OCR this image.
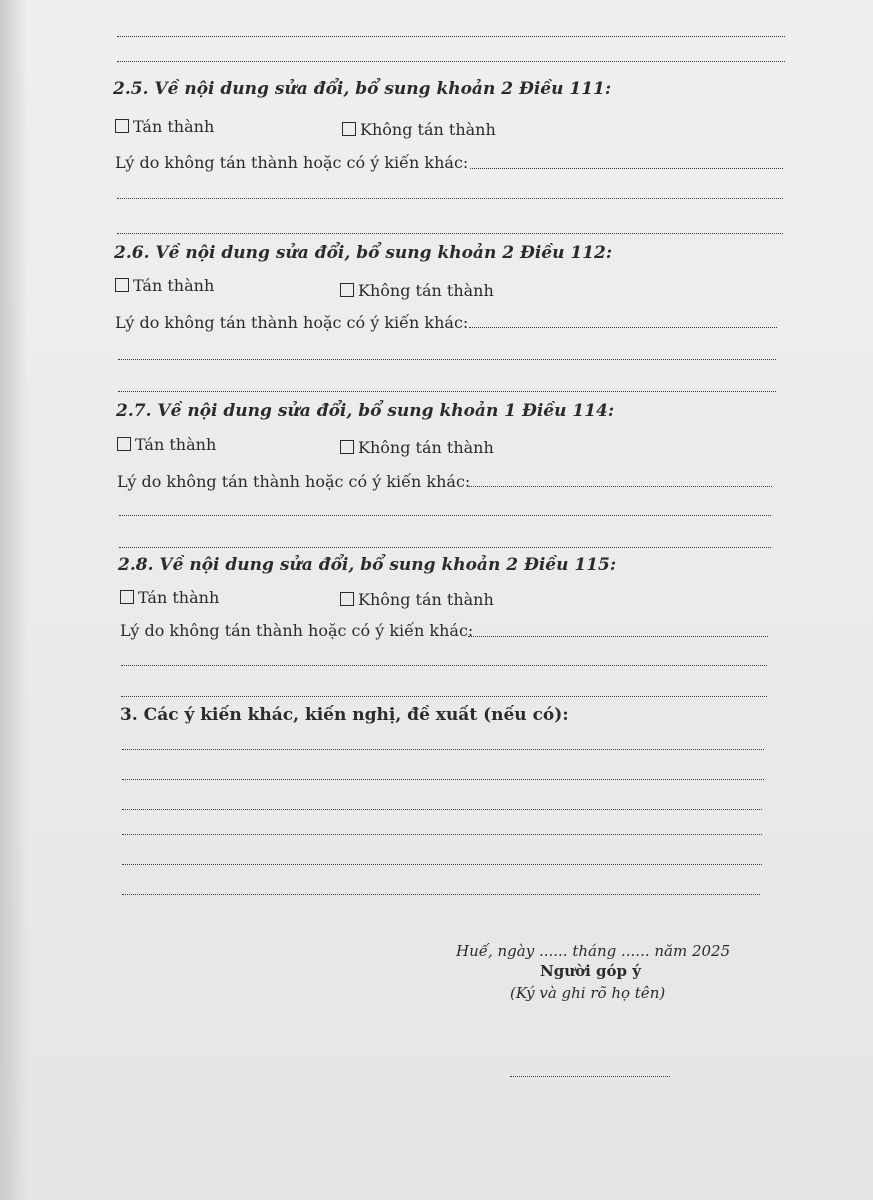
2.5. Về nội dung sửa đổi, bổ sung khoản 2 Điều 111:
Tán thành	Không tán thành
Lý do không tán thành hoặc có ý kiến khác:
2.6. Về nội dung sửa đổi, bổ sung khoản 2 Điều 112:
Tán thành	Không tán thành
Lý do không tán thành hoặc có ý kiến khác:
2.7. Về nội dung sửa đổi, bổ sung khoản 1 Điều 114:
Tán thành	Không tán thành
Lý do không tán thành hoặc có ý kiến khác:
2.8. Về nội dung sửa đổi, bổ sung khoản 2 Điều 115:
Tán thành	Không tán thành
Lý do không tán thành hoặc có ý kiến khác:
3. Các ý kiến khác, kiến nghị, đề xuất (nếu có):
Huế, ngày ...... tháng ...... năm 2025
Người góp ý
(Ký và ghi rõ họ tên)
